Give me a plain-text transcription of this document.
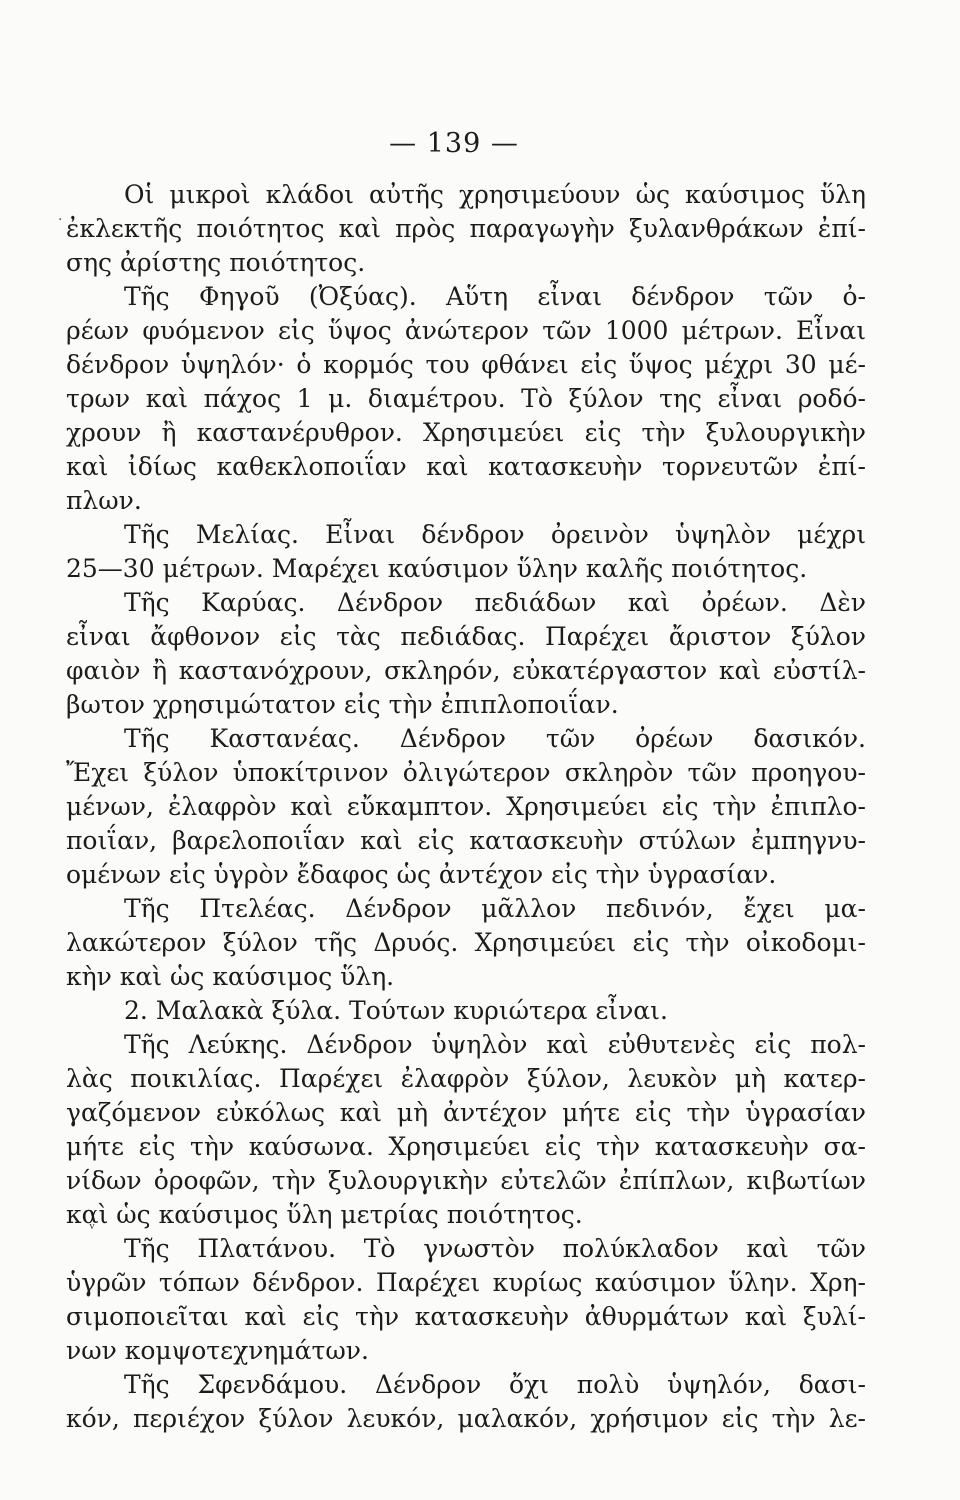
·
— 139 —
Οἱ μικροὶ κλάδοι αὐτῆς χρησιμεύουν ὡς καύσιμος ὕλη
ἐκλεκτῆς ποιότητος καὶ πρὸς παραγωγὴν ξυλανθράκων ἐπί-
σης ἀρίστης ποιότητος.
Τῆς Φηγοῦ (Ὀξύας). Αὕτη εἶναι δένδρον τῶν ὀ-
ρέων φυόμενον εἰς ὕψος ἀνώτερον τῶν 1000 μέτρων. Εἶναι
δένδρον ὑψηλόν· ὁ κορμός του φθάνει εἰς ὕψος μέχρι 30 μέ-
τρων καὶ πάχος 1 μ. διαμέτρου. Τὸ ξύλον της εἶναι ροδό-
χρουν ἢ καστανέρυθρον. Χρησιμεύει εἰς τὴν ξυλουργικὴν
καὶ ἰδίως καθεκλοποιΐαν καὶ κατασκευὴν τορνευτῶν ἐπί-
πλων.
Τῆς Μελίας. Εἶναι δένδρον ὀρεινὸν ὑψηλὸν μέχρι
25—30 μέτρων. Μαρέχει καύσιμον ὕλην καλῆς ποιότητος.
Τῆς Καρύας. Δένδρον πεδιάδων καὶ ὀρέων. Δὲν
εἶναι ἄφθονον εἰς τὰς πεδιάδας. Παρέχει ἄριστον ξύλον
φαιὸν ἢ καστανόχρουν, σκληρόν, εὐκατέργαστον καὶ εὐστίλ-
βωτον χρησιμώτατον εἰς τὴν ἐπιπλοποιΐαν.
Τῆς Καστανέας. Δένδρον τῶν ὀρέων δασικόν.
Ἔχει ξύλον ὑποκίτρινον ὀλιγώτερον σκληρὸν τῶν προηγου-
μένων, ἐλαφρὸν καὶ εὔκαμπτον. Χρησιμεύει εἰς τὴν ἐπιπλο-
ποιΐαν, βαρελοποιΐαν καὶ εἰς κατασκευὴν στύλων ἐμπηγνυ-
ομένων εἰς ὑγρὸν ἔδαφος ὡς ἀντέχον εἰς τὴν ὑγρασίαν.
Τῆς Πτελέας. Δένδρον μᾶλλον πεδινόν, ἔχει μα-
λακώτερον ξύλον τῆς Δρυός. Χρησιμεύει εἰς τὴν οἰκοδομι-
κὴν καὶ ὡς καύσιμος ὕλη.
2. Μαλακὰ ξύλα. Τούτων κυριώτερα εἶναι.
Τῆς Λεύκης. Δένδρον ὑψηλὸν καὶ εὐθυτενὲς εἰς πολ-
λὰς ποικιλίας. Παρέχει ἐλαφρὸν ξύλον, λευκὸν μὴ κατερ-
γαζόμενον εὐκόλως καὶ μὴ ἀντέχον μήτε εἰς τὴν ὑγρασίαν
μήτε εἰς τὴν καύσωνα. Χρησιμεύει εἰς τὴν κατασκευὴν σα-
νίδων ὀροφῶν, τὴν ξυλουργικὴν εὐτελῶν ἐπίπλων, κιβωτίων
καὶ ὡς καύσιμος ὕλη μετρίας ποιότητος.
Τῆς Πλατάνου. Τὸ γνωστὸν πολύκλαδον καὶ τῶν
ὑγρῶν τόπων δένδρον. Παρέχει κυρίως καύσιμον ὕλην. Χρη-
σιμοποιεῖται καὶ εἰς τὴν κατασκευὴν ἀθυρμάτων καὶ ξυλί-
νων κομψοτεχνημάτων.
Τῆς Σφενδάμου. Δένδρον ὄχι πολὺ ὑψηλόν, δασι-
κόν, περιέχον ξύλον λευκόν, μαλακόν, χρήσιμον εἰς τὴν λε-
